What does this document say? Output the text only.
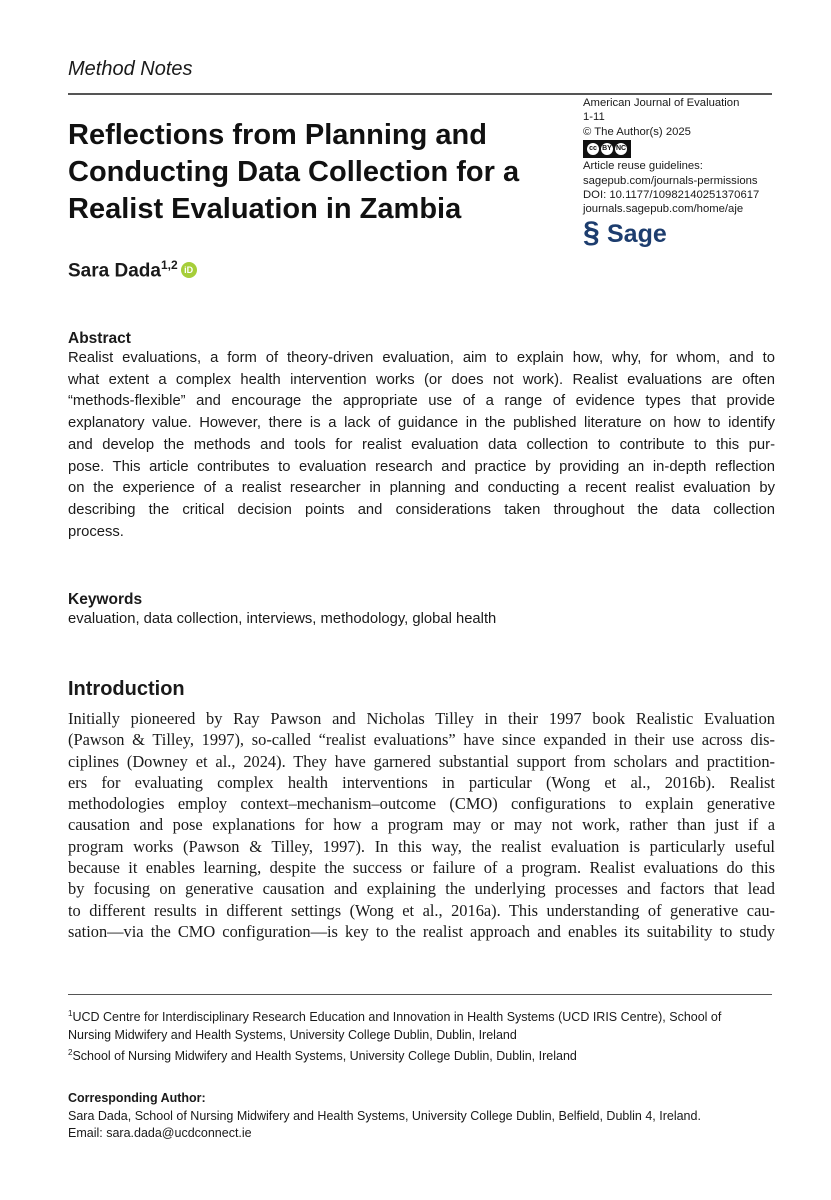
Method Notes
Reflections from Planning and Conducting Data Collection for a Realist Evaluation in Zambia
American Journal of Evaluation
1-11
© The Author(s) 2025
cc BY NC
Article reuse guidelines:
sagepub.com/journals-permissions
DOI: 10.1177/10982140251370617
journals.sagepub.com/home/aje
§ Sage
Sara Dada$^{1,2}$ iD
Abstract
Realist evaluations, a form of theory-driven evaluation, aim to explain how, why, for whom, and to
what extent a complex health intervention works (or does not work). Realist evaluations are often
“methods-flexible” and encourage the appropriate use of a range of evidence types that provide
explanatory value. However, there is a lack of guidance in the published literature on how to identify
and develop the methods and tools for realist evaluation data collection to contribute to this pur-
pose. This article contributes to evaluation research and practice by providing an in-depth reflection
on the experience of a realist researcher in planning and conducting a recent realist evaluation by
describing the critical decision points and considerations taken throughout the data collection
process.
Keywords
evaluation, data collection, interviews, methodology, global health
Introduction
Initially pioneered by Ray Pawson and Nicholas Tilley in their 1997 book Realistic Evaluation
(Pawson & Tilley, 1997), so-called “realist evaluations” have since expanded in their use across dis-
ciplines (Downey et al., 2024). They have garnered substantial support from scholars and practition-
ers for evaluating complex health interventions in particular (Wong et al., 2016b). Realist
methodologies employ context–mechanism–outcome (CMO) configurations to explain generative
causation and pose explanations for how a program may or may not work, rather than just if a
program works (Pawson & Tilley, 1997). In this way, the realist evaluation is particularly useful
because it enables learning, despite the success or failure of a program. Realist evaluations do this
by focusing on generative causation and explaining the underlying processes and factors that lead
to different results in different settings (Wong et al., 2016a). This understanding of generative cau-
sation—via the CMO configuration—is key to the realist approach and enables its suitability to study
$^1$UCD Centre for Interdisciplinary Research Education and Innovation in Health Systems (UCD IRIS Centre), School of
Nursing Midwifery and Health Systems, University College Dublin, Dublin, Ireland
$^2$School of Nursing Midwifery and Health Systems, University College Dublin, Dublin, Ireland
Corresponding Author:
Sara Dada, School of Nursing Midwifery and Health Systems, University College Dublin, Belfield, Dublin 4, Ireland.
Email: sara.dada@ucdconnect.ie
